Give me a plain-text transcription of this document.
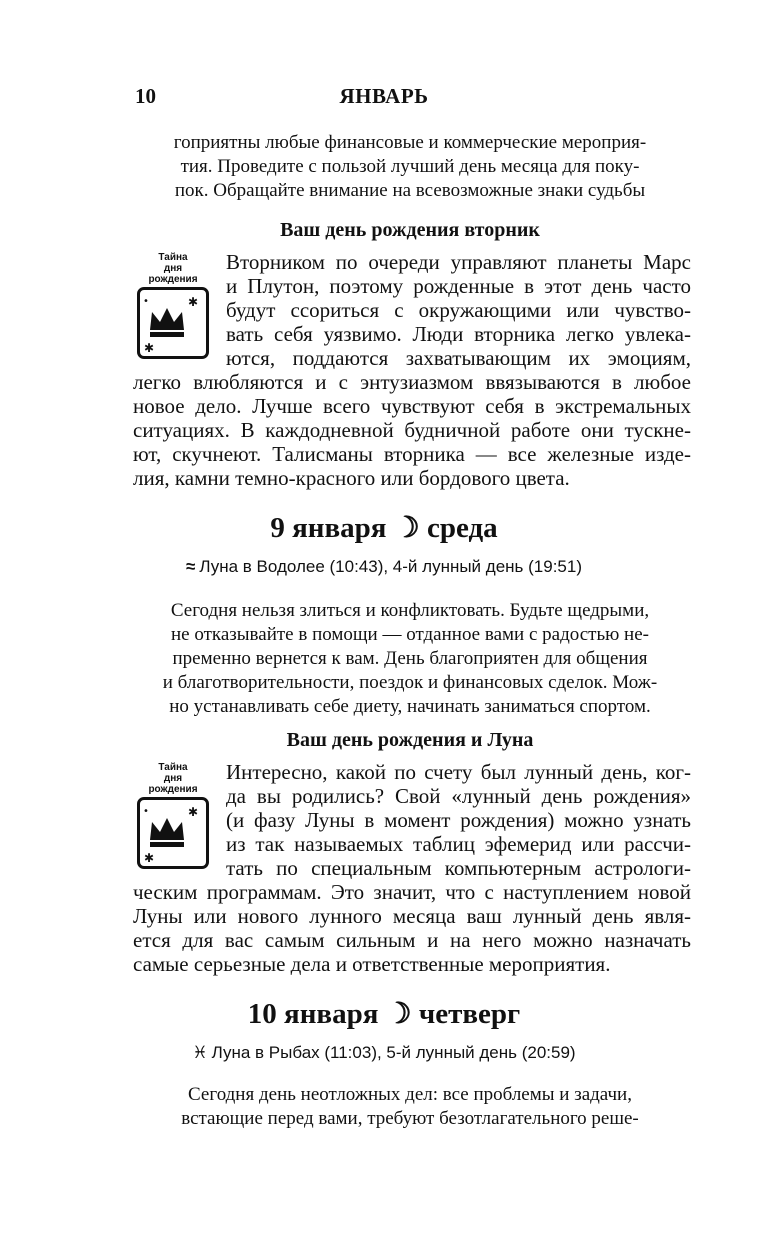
10	ЯНВАРЬ
гоприятны любые финансовые и коммерческие мероприя-
тия. Проведите с пользой лучший день месяца для поку-
пок. Обращайте внимание на всевозможные знаки судьбы
Ваш день рождения вторник
Тайна
дня
рождения
✱
✱
•
Вторником по очереди управляют планеты Марс
и Плутон, поэтому рожденные в этот день часто
будут ссориться с окружающими или чувство-
вать себя уязвимо. Люди вторника легко увлека-
ются, поддаются захватывающим их эмоциям,
легко влюбляются и с энтузиазмом ввязываются в любое
новое дело. Лучше всего чувствуют себя в экстремальных
ситуациях. В каждодневной будничной работе они тускне-
ют, скучнеют. Талисманы вторника — все железные изде-
лия, камни темно-красного или бордового цвета.
9 января ☽ среда
≈ Луна в Водолее (10:43), 4-й лунный день (19:51)
Сегодня нельзя злиться и конфликтовать. Будьте щедрыми,
не отказывайте в помощи — отданное вами с радостью не-
пременно вернется к вам. День благоприятен для общения
и благотворительности, поездок и финансовых сделок. Мож-
но устанавливать себе диету, начинать заниматься спортом.
Ваш день рождения и Луна
Тайна
дня
рождения
✱
✱
•
Интересно, какой по счету был лунный день, ког-
да вы родились? Свой «лунный день рождения»
(и фазу Луны в момент рождения) можно узнать
из так называемых таблиц эфемерид или рассчи-
тать по специальным компьютерным астрологи-
ческим программам. Это значит, что с наступлением новой
Луны или нового лунного месяца ваш лунный день явля-
ется для вас самым сильным и на него можно назначать
самые серьезные дела и ответственные мероприятия.
10 января ☽ четверг
♓ Луна в Рыбах (11:03), 5-й лунный день (20:59)
Сегодня день неотложных дел: все проблемы и задачи,
встающие перед вами, требуют безотлагательного реше-
